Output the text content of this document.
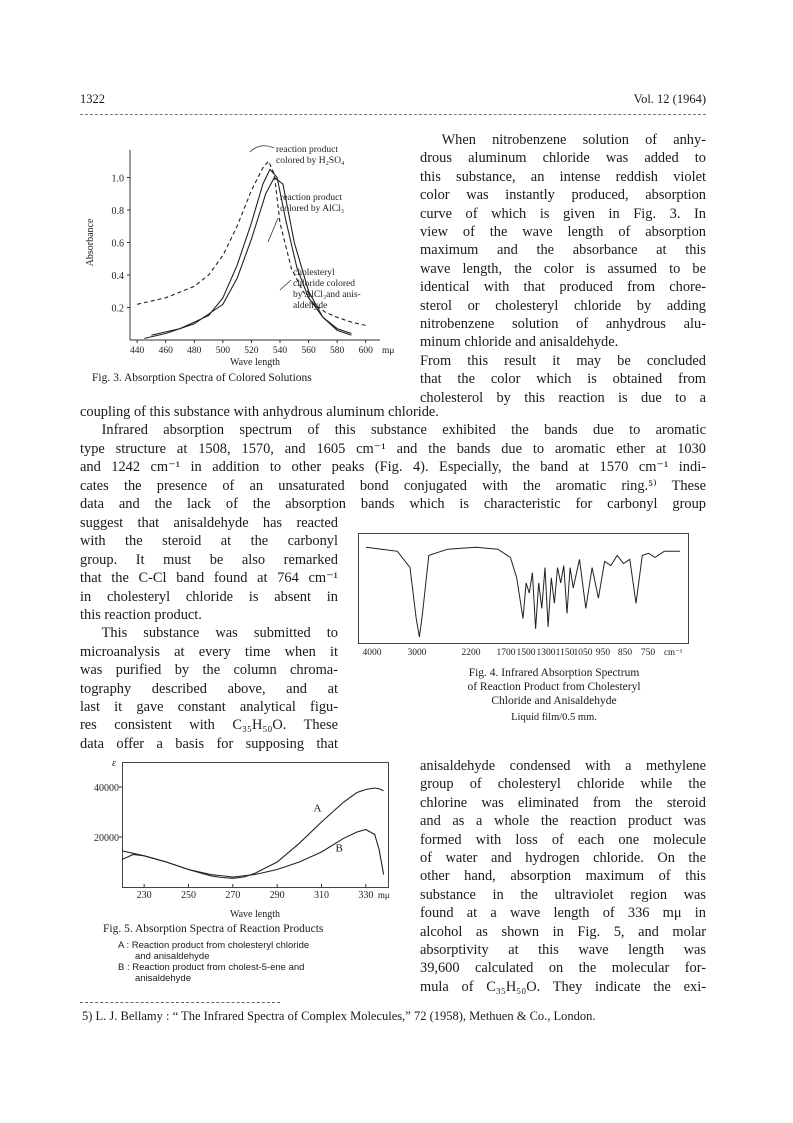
1322	Vol. 12 (1964)
0.2
0.4
0.6
0.8
1.0
440 460 480 500 520 540 560 580 600 mμ
Wave length
Absorbance
reaction product
colored by H₂SO₄
reaction product
colored by AlCl₃
cholesteryl
chloride colored
by AlCl₃and anis-
aldehyde
Fig. 3. Absorption Spectra of Colored Solutions
When nitrobenzene solution of anhy-
drous aluminum chloride was added to
this substance, an intense reddish violet
color was instantly produced, absorption
curve of which is given in Fig. 3. In
view of the wave length of absorption
maximum and the absorbance at this
wave length, the color is assumed to be
identical with that produced from chore-
sterol or cholesteryl chloride by adding
nitrobenzene solution of anhydrous alu-
minum chloride and anisaldehyde.
From this result it may be concluded
that the color which is obtained from
cholesterol by this reaction is due to a
coupling of this substance with anhydrous aluminum chloride.
Infrared absorption spectrum of this substance exhibited the bands due to aromatic
type structure at 1508, 1570, and 1605 cm⁻¹ and the bands due to aromatic ether at 1030
and 1242 cm⁻¹ in addition to other peaks (Fig. 4). Especially, the band at 1570 cm⁻¹ indi-
cates the presence of an unsaturated bond conjugated with the aromatic ring.⁵⁾ These
data and the lack of the absorption bands which is characteristic for carbonyl group
suggest that anisaldehyde has reacted
with the steroid at the carbonyl
group. It must be also remarked
that the C-Cl band found at 764 cm⁻¹
in cholesteryl chloride is absent in
this reaction product.
This substance was submitted to
microanalysis at every time when it
was purified by the column chroma-
tography described above, and at
last it gave constant analytical figu-
res consistent with C₃₅H₅₀O. These
data offer a basis for supposing that
4000	3000	2200 1700 1500 1300 1150 1050 950 850 750 cm⁻¹
Fig. 4. Infrared Absorption Spectrum
of Reaction Product from Cholesteryl
Chloride and Anisaldehyde
Liquid film/0.5 mm.
ε
20000
40000
230	250	270	290	310	330 mμ
Wave length
A
B
Fig. 5. Absorption Spectra of Reaction Products
A : Reaction product from cholesteryl chloride
and anisaldehyde
B : Reaction product from cholest-5-ene and
anisaldehyde
anisaldehyde condensed with a methylene
group of cholesteryl chloride while the
chlorine was eliminated from the steroid
and as a whole the reaction product was
formed with loss of each one molecule
of water and hydrogen chloride. On the
other hand, absorption maximum of this
substance in the ultraviolet region was
found at a wave length of 336 mμ in
alcohol as shown in Fig. 5, and molar
absorptivity at this wave length was
39,600 calculated on the molecular for-
mula of C₃₅H₅₀O. They indicate the exi-
5) L. J. Bellamy : “ The Infrared Spectra of Complex Molecules,” 72 (1958), Methuen & Co., London.
